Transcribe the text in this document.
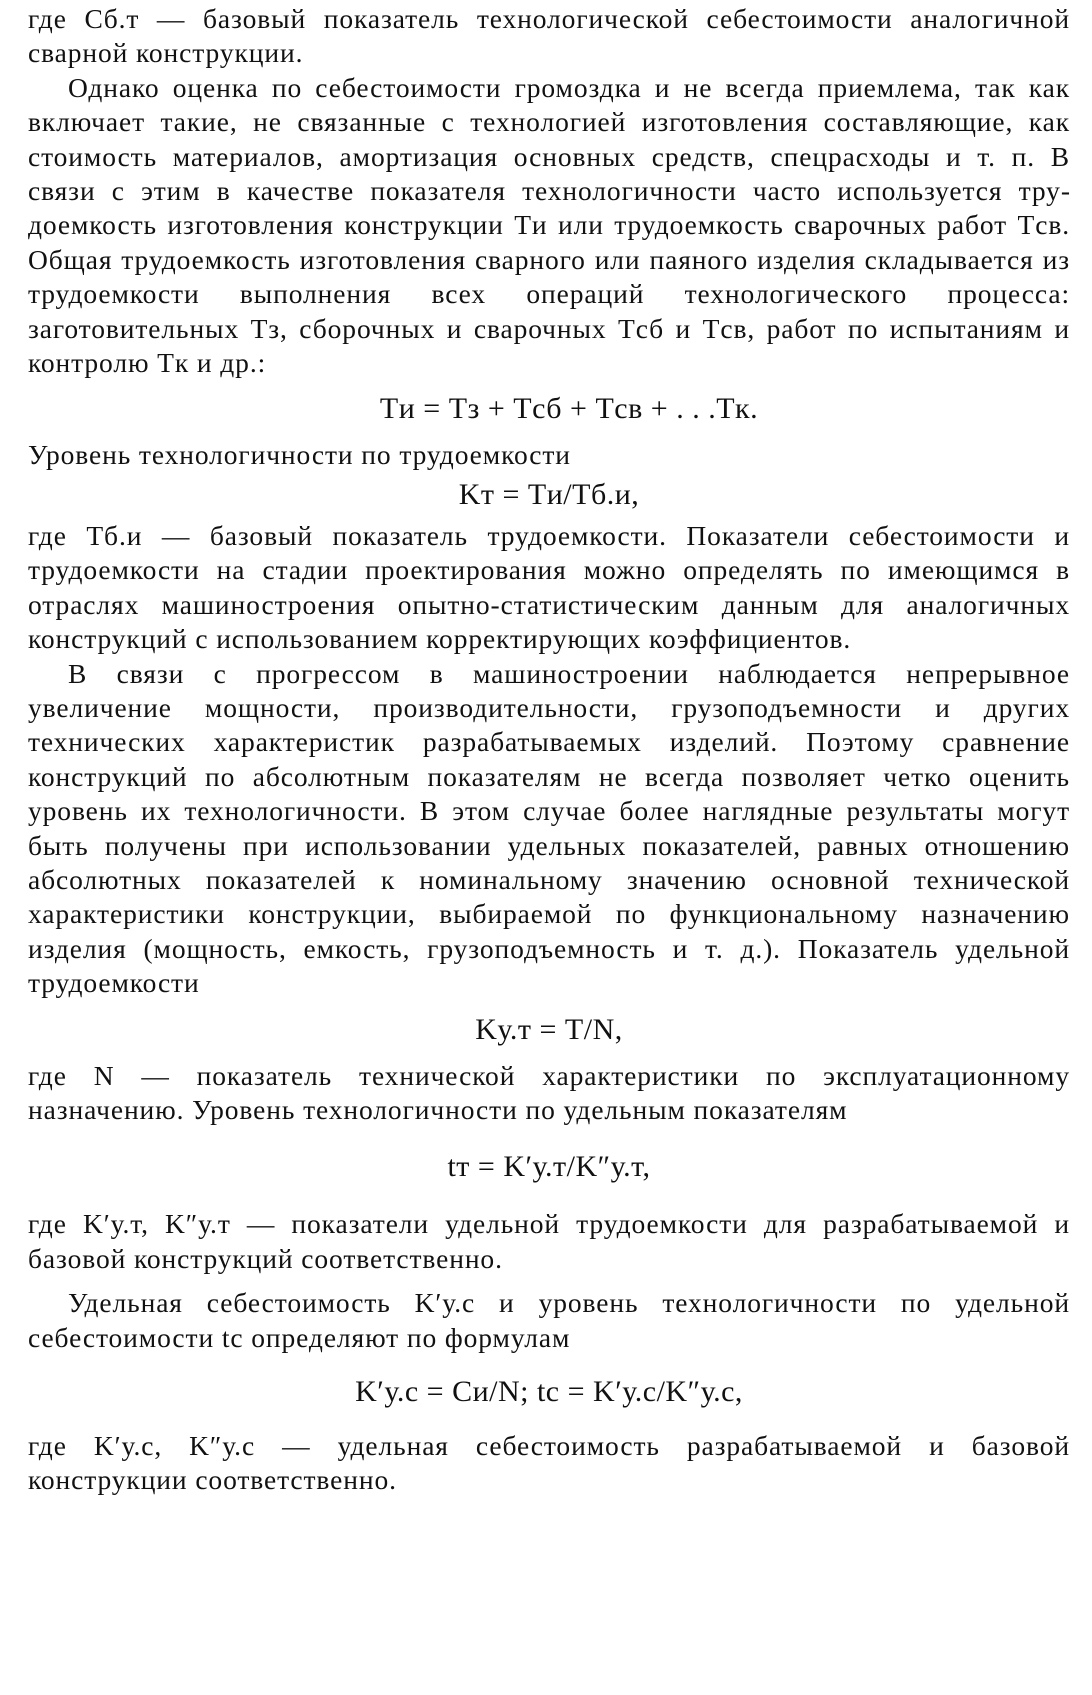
где Cб.т — базовый показатель технологической себестоимости аналогичной сварной конструкции.

Однако оценка по себестоимости громоздка и не всегда приемлема, так как включает такие, не связанные с технологией изготовления составляющие, как стоимость материалов, амортизация основных средств, спецрасходы и т. п. В связи с этим в качестве показателя технологичности часто используется трудоемкость изготовления конструкции Tи или трудоемкость сварочных работ Tсв. Общая трудоемкость изготовления сварного или паяного изделия складывается из трудоемкости выполнения всех операций технологического процесса: заготовительных Tз, сборочных и сварочных Tсб и Tсв, работ по испытаниям и контролю Tк и др.:

Tи = Tз + Tсб + Tсв + . . .Tк.

Уровень технологичности по трудоемкости

Kт = Tи/Tб.и,

где Tб.и — базовый показатель трудоемкости. Показатели себестоимости и трудоемкости на стадии проектирования можно определять по имеющимся в отраслях машиностроения опытно-статистическим данным для аналогичных конструкций с использованием корректирующих коэффициентов.

В связи с прогрессом в машиностроении наблюдается непрерывное увеличение мощности, производительности, грузоподъемности и других технических характеристик разрабатываемых изделий. Поэтому сравнение конструкций по абсолютным показателям не всегда позволяет четко оценить уровень их технологичности. В этом случае более наглядные результаты могут быть получены при использовании удельных показателей, равных отношению абсолютных показателей к номинальному значению основной технической характеристики конструкции, выбираемой по функциональному назначению изделия (мощность, емкость, грузоподъемность и т. д.). Показатель удельной трудоемкости

Kу.т = T/N,

где N — показатель технической характеристики по эксплуатационному назначению. Уровень технологичности по удельным показателям

tт = K′у.т/K″у.т,

где K′у.т, K″у.т — показатели удельной трудоемкости для разрабатываемой и базовой конструкций соответственно.

Удельная себестоимость K′у.с и уровень технологичности по удельной себестоимости tс определяют по формулам

K′у.с = Cи/N; tс = K′у.с/K″у.с,

где K′у.с, K″у.с — удельная себестоимость разрабатываемой и базовой конструкции соответственно.
